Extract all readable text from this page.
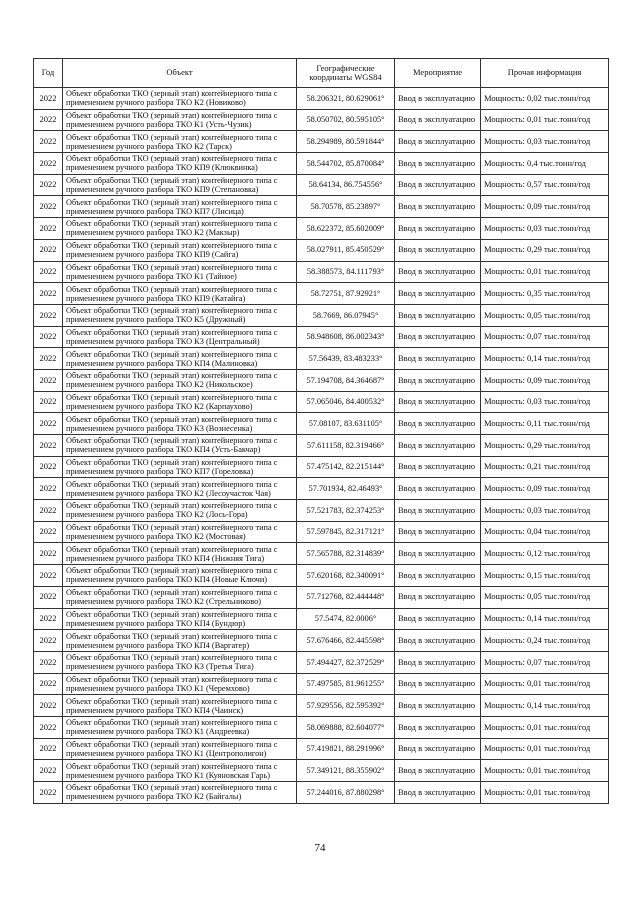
Год	Объект	Географические координаты WGS84	Мероприятие	Прочая информация
2022	Объект обработки ТКО (зерный этап) контейнерного типа с применением ручного разбора ТКО К2 (Новиково)	58.206321, 80.629061°	Ввод в эксплуатацию	Мощность: 0,02 тыс.тонн/год
2022	Объект обработки ТКО (зерный этап) контейнерного типа с применением ручного разбора ТКО К1 (Усть-Чузик)	58.050702, 80.595105°	Ввод в эксплуатацию	Мощность: 0,01 тыс.тонн/год
2022	Объект обработки ТКО (зерный этап) контейнерного типа с применением ручного разбора ТКО К2 (Тарск)	58.294989, 80.591844°	Ввод в эксплуатацию	Мощность: 0,03 тыс.тонн/год
2022	Объект обработки ТКО (зерный этап) контейнерного типа с применением ручного разбора ТКО КП9 (Клюквинка)	58.544702, 85.870084°	Ввод в эксплуатацию	Мощность: 0,4 тыс.тонн/год
2022	Объект обработки ТКО (зерный этап) контейнерного типа с применением ручного разбора ТКО КП9 (Степановка)	58.64134, 86.754556°	Ввод в эксплуатацию	Мощность: 0,57 тыс.тонн/год
2022	Объект обработки ТКО (зерный этап) контейнерного типа с применением ручного разбора ТКО КП7 (Лисица)	58.70578, 85.23897°	Ввод в эксплуатацию	Мощность: 0,09 тыс.тонн/год
2022	Объект обработки ТКО (зерный этап) контейнерного типа с применением ручного разбора ТКО К2 (Макзыр)	58.622372, 85.602009°	Ввод в эксплуатацию	Мощность: 0,03 тыс.тонн/год
2022	Объект обработки ТКО (зерный этап) контейнерного типа с применением ручного разбора ТКО КП9 (Сайга)	58.027911, 85.450529°	Ввод в эксплуатацию	Мощность: 0,29 тыс.тонн/год
2022	Объект обработки ТКО (зерный этап) контейнерного типа с применением ручного разбора ТКО К1 (Тайное)	58.388573, 84.111793°	Ввод в эксплуатацию	Мощность: 0,01 тыс.тонн/год
2022	Объект обработки ТКО (зерный этап) контейнерного типа с применением ручного разбора ТКО КП9 (Катайга)	58.72751, 87.92921°	Ввод в эксплуатацию	Мощность: 0,35 тыс.тонн/год
2022	Объект обработки ТКО (зерный этап) контейнерного типа с применением ручного разбора ТКО К5 (Дружный)	58.7669, 86.07945°	Ввод в эксплуатацию	Мощность: 0,05 тыс.тонн/год
2022	Объект обработки ТКО (зерный этап) контейнерного типа с применением ручного разбора ТКО К3 (Центральный)	58.948608, 86.002343°	Ввод в эксплуатацию	Мощность: 0,07 тыс.тонн/год
2022	Объект обработки ТКО (зерный этап) контейнерного типа с применением ручного разбора ТКО КП4 (Малиновка)	57.56439, 83.483233°	Ввод в эксплуатацию	Мощность: 0,14 тыс.тонн/год
2022	Объект обработки ТКО (зерный этап) контейнерного типа с применением ручного разбора ТКО К2 (Никольское)	57.194708, 84.364687°	Ввод в эксплуатацию	Мощность: 0,09 тыс.тонн/год
2022	Объект обработки ТКО (зерный этап) контейнерного типа с применением ручного разбора ТКО К2 (Карпаухово)	57.065046, 84.400532°	Ввод в эксплуатацию	Мощность: 0,03 тыс.тонн/год
2022	Объект обработки ТКО (зерный этап) контейнерного типа с применением ручного разбора ТКО К3 (Вознесенка)	57.08107, 83.631105°	Ввод в эксплуатацию	Мощность: 0,11 тыс.тонн/год
2022	Объект обработки ТКО (зерный этап) контейнерного типа с применением ручного разбора ТКО КП4 (Усть-Бакчар)	57.611158, 82.319466°	Ввод в эксплуатацию	Мощность: 0,29 тыс.тонн/год
2022	Объект обработки ТКО (зерный этап) контейнерного типа с применением ручного разбора ТКО КП7 (Гореловка)	57.475142, 82.215144°	Ввод в эксплуатацию	Мощность: 0,21 тыс.тонн/год
2022	Объект обработки ТКО (зерный этап) контейнерного типа с применением ручного разбора ТКО К2 (Лесоучасток Чая)	57.701934, 82.46493°	Ввод в эксплуатацию	Мощность: 0,09 тыс.тонн/год
2022	Объект обработки ТКО (зерный этап) контейнерного типа с применением ручного разбора ТКО К2 (Лось-Гора)	57.521783, 82.374253°	Ввод в эксплуатацию	Мощность: 0,03 тыс.тонн/год
2022	Объект обработки ТКО (зерный этап) контейнерного типа с применением ручного разбора ТКО К2 (Мостовая)	57.597845, 82.317121°	Ввод в эксплуатацию	Мощность: 0,04 тыс.тонн/год
2022	Объект обработки ТКО (зерный этап) контейнерного типа с применением ручного разбора ТКО КП4 (Нижняя Тига)	57.565788, 82.314839°	Ввод в эксплуатацию	Мощность: 0,12 тыс.тонн/год
2022	Объект обработки ТКО (зерный этап) контейнерного типа с применением ручного разбора ТКО КП4 (Новые Ключи)	57.620168, 82.340091°	Ввод в эксплуатацию	Мощность: 0,15 тыс.тонн/год
2022	Объект обработки ТКО (зерный этап) контейнерного типа с применением ручного разбора ТКО К2 (Стрельниково)	57.712768, 82.444448°	Ввод в эксплуатацию	Мощность: 0,05 тыс.тонн/год
2022	Объект обработки ТКО (зерный этап) контейнерного типа с применением ручного разбора ТКО КП4 (Бундюр)	57.5474, 82.0006°	Ввод в эксплуатацию	Мощность: 0,14 тыс.тонн/год
2022	Объект обработки ТКО (зерный этап) контейнерного типа с применением ручного разбора ТКО КП4 (Варгатер)	57.676466, 82.445598°	Ввод в эксплуатацию	Мощность: 0,24 тыс.тонн/год
2022	Объект обработки ТКО (зерный этап) контейнерного типа с применением ручного разбора ТКО К3 (Третья Тига)	57.494427, 82.372529°	Ввод в эксплуатацию	Мощность: 0,07 тыс.тонн/год
2022	Объект обработки ТКО (зерный этап) контейнерного типа с применением ручного разбора ТКО К1 (Черемхово)	57.497585, 81.961255°	Ввод в эксплуатацию	Мощность: 0,01 тыс.тонн/год
2022	Объект обработки ТКО (зерный этап) контейнерного типа с применением ручного разбора ТКО КП4 (Чаинск)	57.929556, 82.595392°	Ввод в эксплуатацию	Мощность: 0,14 тыс.тонн/год
2022	Объект обработки ТКО (зерный этап) контейнерного типа с применением ручного разбора ТКО К1 (Андреевка)	58.069888, 82.604077°	Ввод в эксплуатацию	Мощность: 0,01 тыс.тонн/год
2022	Объект обработки ТКО (зерный этап) контейнерного типа с применением ручного разбора ТКО К1 (Центрополигон)	57.419821, 88.291996°	Ввод в эксплуатацию	Мощность: 0,01 тыс.тонн/год
2022	Объект обработки ТКО (зерный этап) контейнерного типа с применением ручного разбора ТКО К1 (Куяновская Гарь)	57.349121, 88.355902°	Ввод в эксплуатацию	Мощность: 0,01 тыс.тонн/год
2022	Объект обработки ТКО (зерный этап) контейнерного типа с применением ручного разбора ТКО К2 (Байгалы)	57.244016, 87.880298°	Ввод в эксплуатацию	Мощность: 0,01 тыс.тонн/год
74
